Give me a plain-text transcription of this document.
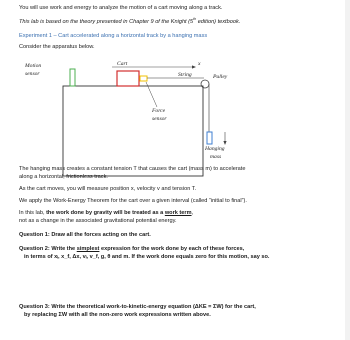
You will use work and energy to analyze the motion of a cart moving along a track.
This lab is based on the theory presented in Chapter 9 of the Knight (5th edition) textbook.
Experiment 1 – Cart accelerated along a horizontal track by a hanging mass
Consider the apparatus below.
Motion
sensor
Cart	x
String	Pulley
Force
sensor
Hanging
mass
The hanging mass creates a constant tension T that causes the cart (mass m) to accelerate
along a horizontal, frictionless track.
As the cart moves, you will measure position x, velocity v and tension T.
We apply the Work-Energy Theorem for the cart over a given interval (called “initial to final”).
In this lab, the work done by gravity will be treated as a work term,
not as a change in the associated gravitational potential energy.
Question 1: Draw all the forces acting on the cart.
Question 2: Write the simplest expression for the work done by each of these forces,
in terms of xᵢ, x_f, Δx, vᵢ, v_f, g, θ and m. If the work done equals zero for this motion, say so.
Question 3: Write the theoretical work-to-kinetic-energy equation (ΔKE = ΣW) for the cart,
by replacing ΣW with all the non-zero work expressions written above.
